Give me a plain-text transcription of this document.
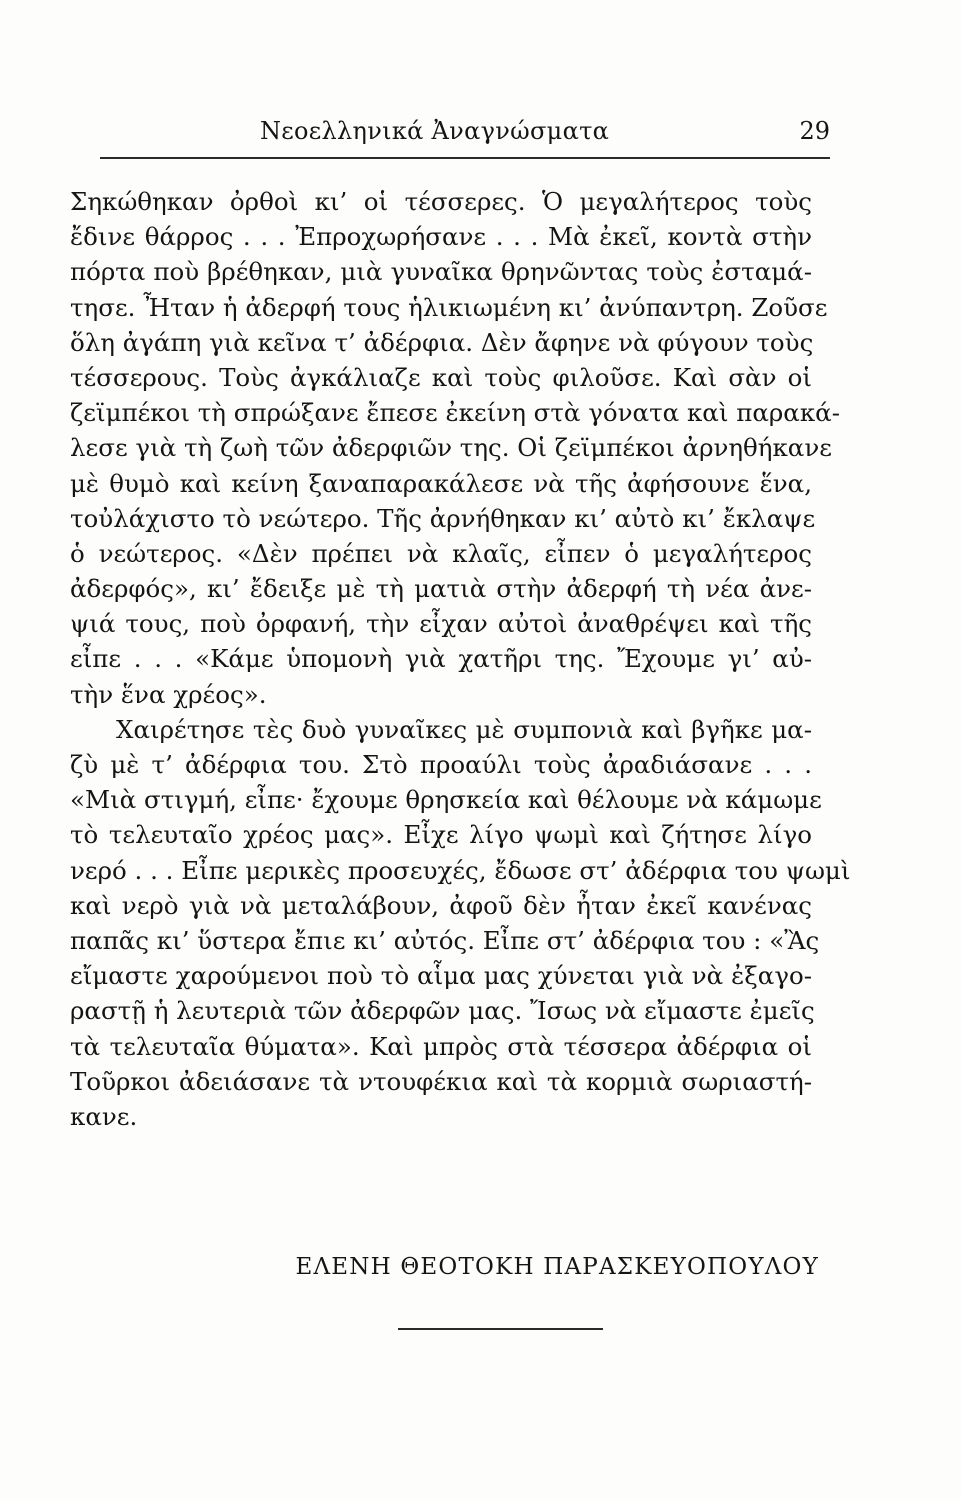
Νεοελληνικά Ἀναγνώσματα	29
Σηκώθηκαν ὀρθοὶ κι’ οἱ τέσσερες. Ὁ μεγαλήτερος τοὺς
ἔδινε θάρρος . . . Ἐπροχωρήσανε . . . Μὰ ἐκεῖ, κοντὰ στὴν
πόρτα ποὺ βρέθηκαν, μιὰ γυναῖκα θρηνῶντας τοὺς ἐσταμά-
τησε. Ἦταν ἡ ἀδερφή τους ἡλικιωμένη κι’ ἀνύπαντρη. Ζοῦσε
ὅλη ἀγάπη γιὰ κεῖνα τ’ ἀδέρφια. Δὲν ἄφηνε νὰ φύγουν τοὺς
τέσσερους. Τοὺς ἀγκάλιαζε καὶ τοὺς φιλοῦσε. Καὶ σὰν οἱ
ζεϊμπέκοι τὴ σπρώξανε ἔπεσε ἐκείνη στὰ γόνατα καὶ παρακά-
λεσε γιὰ τὴ ζωὴ τῶν ἀδερφιῶν της. Οἱ ζεϊμπέκοι ἀρνηθήκανε
μὲ θυμὸ καὶ κείνη ξαναπαρακάλεσε νὰ τῆς ἀφήσουνε ἕνα,
τοὐλάχιστο τὸ νεώτερο. Τῆς ἀρνήθηκαν κι’ αὐτὸ κι’ ἔκλαψε
ὁ νεώτερος. «Δὲν πρέπει νὰ κλαῖς, εἶπεν ὁ μεγαλήτερος
ἀδερφός», κι’ ἔδειξε μὲ τὴ ματιὰ στὴν ἀδερφή τὴ νέα ἀνε-
ψιά τους, ποὺ ὀρφανή, τὴν εἶχαν αὐτοὶ ἀναθρέψει καὶ τῆς
εἶπε . . . «Κάμε ὑπομονὴ γιὰ χατῆρι της. Ἔχουμε γι’ αὐ-
τὴν ἕνα χρέος».
Χαιρέτησε τὲς δυὸ γυναῖκες μὲ συμπονιὰ καὶ βγῆκε μα-
ζὺ μὲ τ’ ἀδέρφια του. Στὸ προαύλι τοὺς ἀραδιάσανε . . .
«Μιὰ στιγμή, εἶπε· ἔχουμε θρησκεία καὶ θέλουμε νὰ κάμωμε
τὸ τελευταῖο χρέος μας». Εἶχε λίγο ψωμὶ καὶ ζήτησε λίγο
νερό . . . Εἶπε μερικὲς προσευχές, ἔδωσε στ’ ἀδέρφια του ψωμὶ
καὶ νερὸ γιὰ νὰ μεταλάβουν, ἀφοῦ δὲν ἦταν ἐκεῖ κανένας
παπᾶς κι’ ὕστερα ἔπιε κι’ αὐτός. Εἶπε στ’ ἀδέρφια του : «Ἂς
εἴμαστε χαρούμενοι ποὺ τὸ αἷμα μας χύνεται γιὰ νὰ ἐξαγο-
ραστῇ ἡ λευτεριὰ τῶν ἀδερφῶν μας. Ἴσως νὰ εἴμαστε ἐμεῖς
τὰ τελευταῖα θύματα». Καὶ μπρὸς στὰ τέσσερα ἀδέρφια οἱ
Τοῦρκοι ἀδειάσανε τὰ ντουφέκια καὶ τὰ κορμιὰ σωριαστή-
κανε.
ΕΛΕΝΗ ΘΕΟΤΟΚΗ ΠΑΡΑΣΚΕΥΟΠΟΥΛΟΥ
